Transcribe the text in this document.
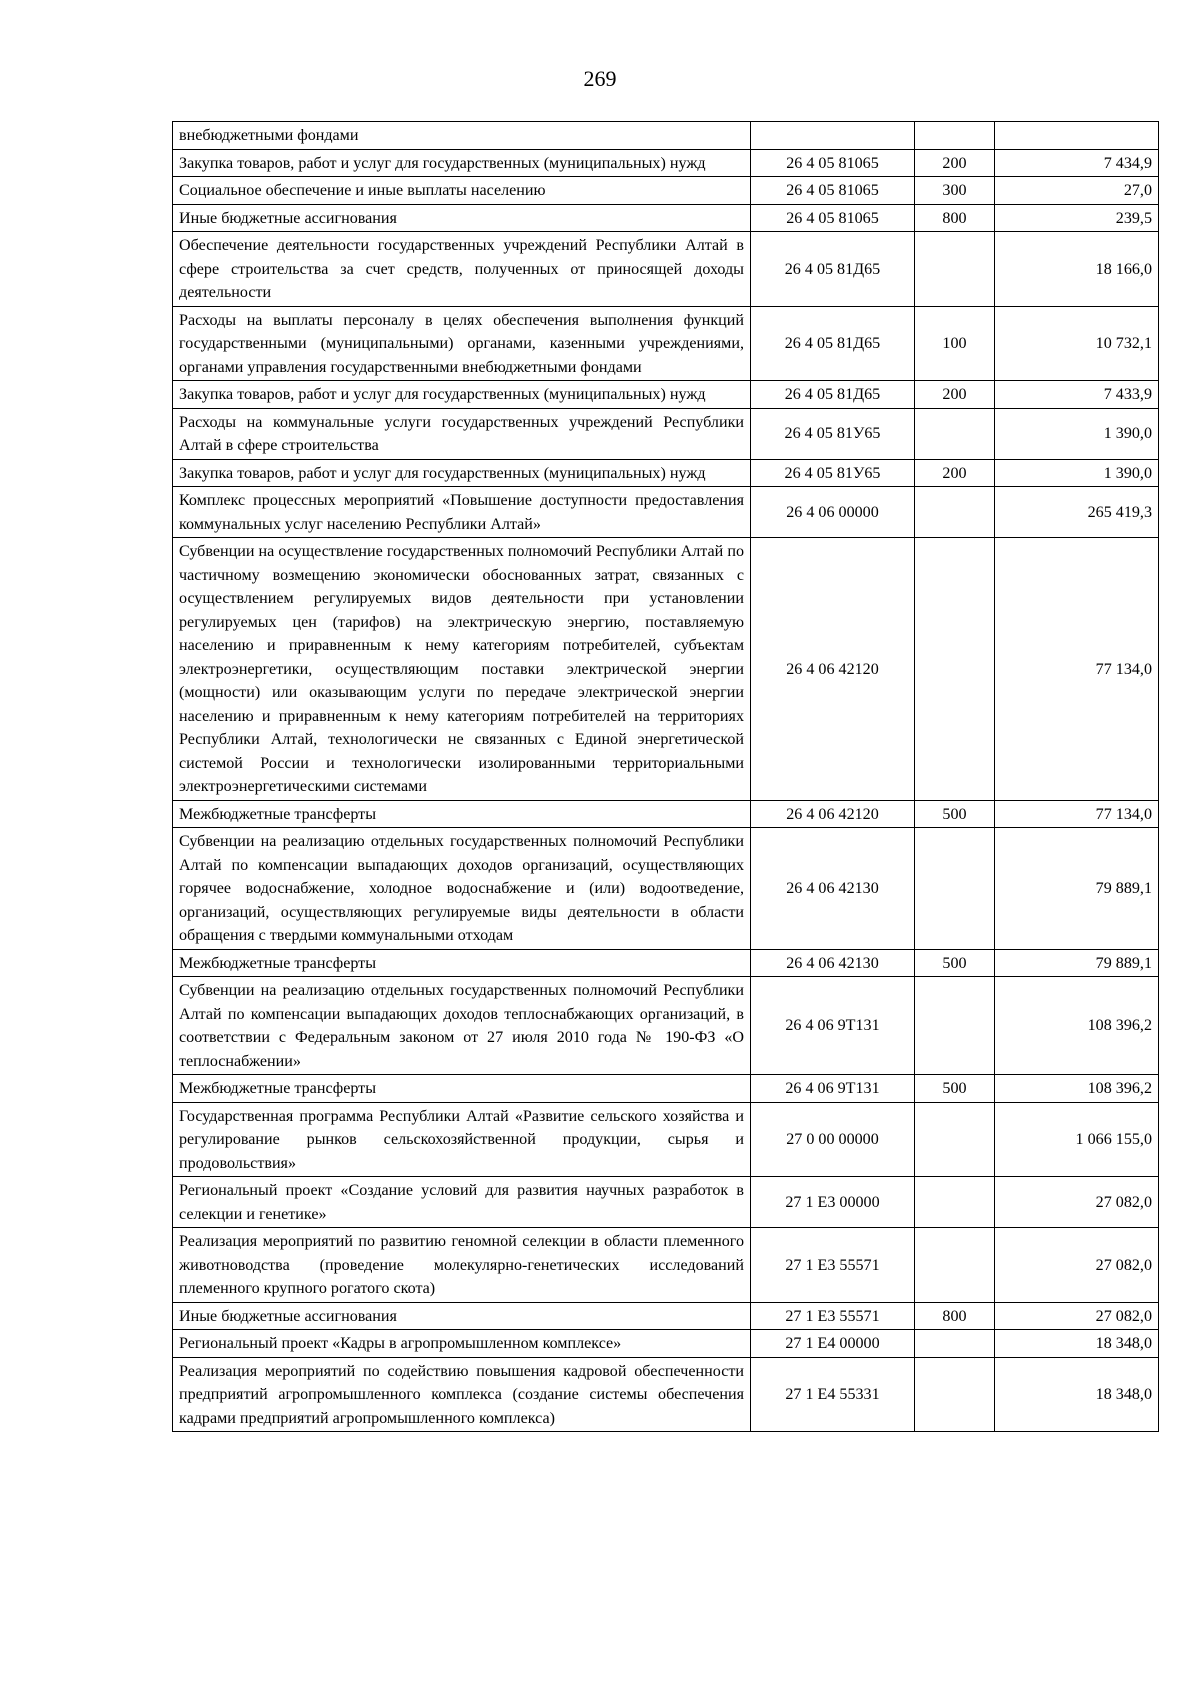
269
внебюджетными фондами			
Закупка товаров, работ и услуг для государственных (муниципальных) нужд	26 4 05 81065	200	7 434,9
Социальное обеспечение и иные выплаты населению	26 4 05 81065	300	27,0
Иные бюджетные ассигнования	26 4 05 81065	800	239,5
Обеспечение деятельности государственных учреждений Республики Алтай в сфере строительства за счет средств, полученных от приносящей доходы деятельности	26 4 05 81Д65		18 166,0
Расходы на выплаты персоналу в целях обеспечения выполнения функций государственными (муниципальными) органами, казенными учреждениями, органами управления государственными внебюджетными фондами	26 4 05 81Д65	100	10 732,1
Закупка товаров, работ и услуг для государственных (муниципальных) нужд	26 4 05 81Д65	200	7 433,9
Расходы на коммунальные услуги государственных учреждений Республики Алтай в сфере строительства	26 4 05 81У65		1 390,0
Закупка товаров, работ и услуг для государственных (муниципальных) нужд	26 4 05 81У65	200	1 390,0
Комплекс процессных мероприятий «Повышение доступности предоставления коммунальных услуг населению Республики Алтай»	26 4 06 00000		265 419,3
Субвенции на осуществление государственных полномочий Республики Алтай по частичному возмещению экономически обоснованных затрат, связанных с осуществлением регулируемых видов деятельности при установлении регулируемых цен (тарифов) на электрическую энергию, поставляемую населению и приравненным к нему категориям потребителей, субъектам электроэнергетики, осуществляющим поставки электрической энергии (мощности) или оказывающим услуги по передаче электрической энергии населению и приравненным к нему категориям потребителей на территориях Республики Алтай, технологически не связанных с Единой энергетической системой России и технологически изолированными территориальными электроэнергетическими системами	26 4 06 42120		77 134,0
Межбюджетные трансферты	26 4 06 42120	500	77 134,0
Субвенции на реализацию отдельных государственных полномочий Республики Алтай по компенсации выпадающих доходов организаций, осуществляющих горячее водоснабжение, холодное водоснабжение и (или) водоотведение, организаций, осуществляющих регулируемые виды деятельности в области обращения с твердыми коммунальными отходам	26 4 06 42130		79 889,1
Межбюджетные трансферты	26 4 06 42130	500	79 889,1
Субвенции на реализацию отдельных государственных полномочий Республики Алтай по компенсации выпадающих доходов теплоснабжающих организаций, в соответствии с Федеральным законом от 27 июля 2010 года № 190-ФЗ «О теплоснабжении»	26 4 06 9Т131		108 396,2
Межбюджетные трансферты	26 4 06 9Т131	500	108 396,2
Государственная программа Республики Алтай «Развитие сельского хозяйства и регулирование рынков сельскохозяйственной продукции, сырья и продовольствия»	27 0 00 00000		1 066 155,0
Региональный проект «Создание условий для развития научных разработок в селекции и генетике»	27 1 Е3 00000		27 082,0
Реализация мероприятий по развитию геномной селекции в области племенного животноводства (проведение молекулярно-генетических исследований племенного крупного рогатого скота)	27 1 Е3 55571		27 082,0
Иные бюджетные ассигнования	27 1 Е3 55571	800	27 082,0
Региональный проект «Кадры в агропромышленном комплексе»	27 1 Е4 00000		18 348,0
Реализация мероприятий по содействию повышения кадровой обеспеченности предприятий агропромышленного комплекса (создание системы обеспечения кадрами предприятий агропромышленного комплекса)	27 1 Е4 55331		18 348,0
